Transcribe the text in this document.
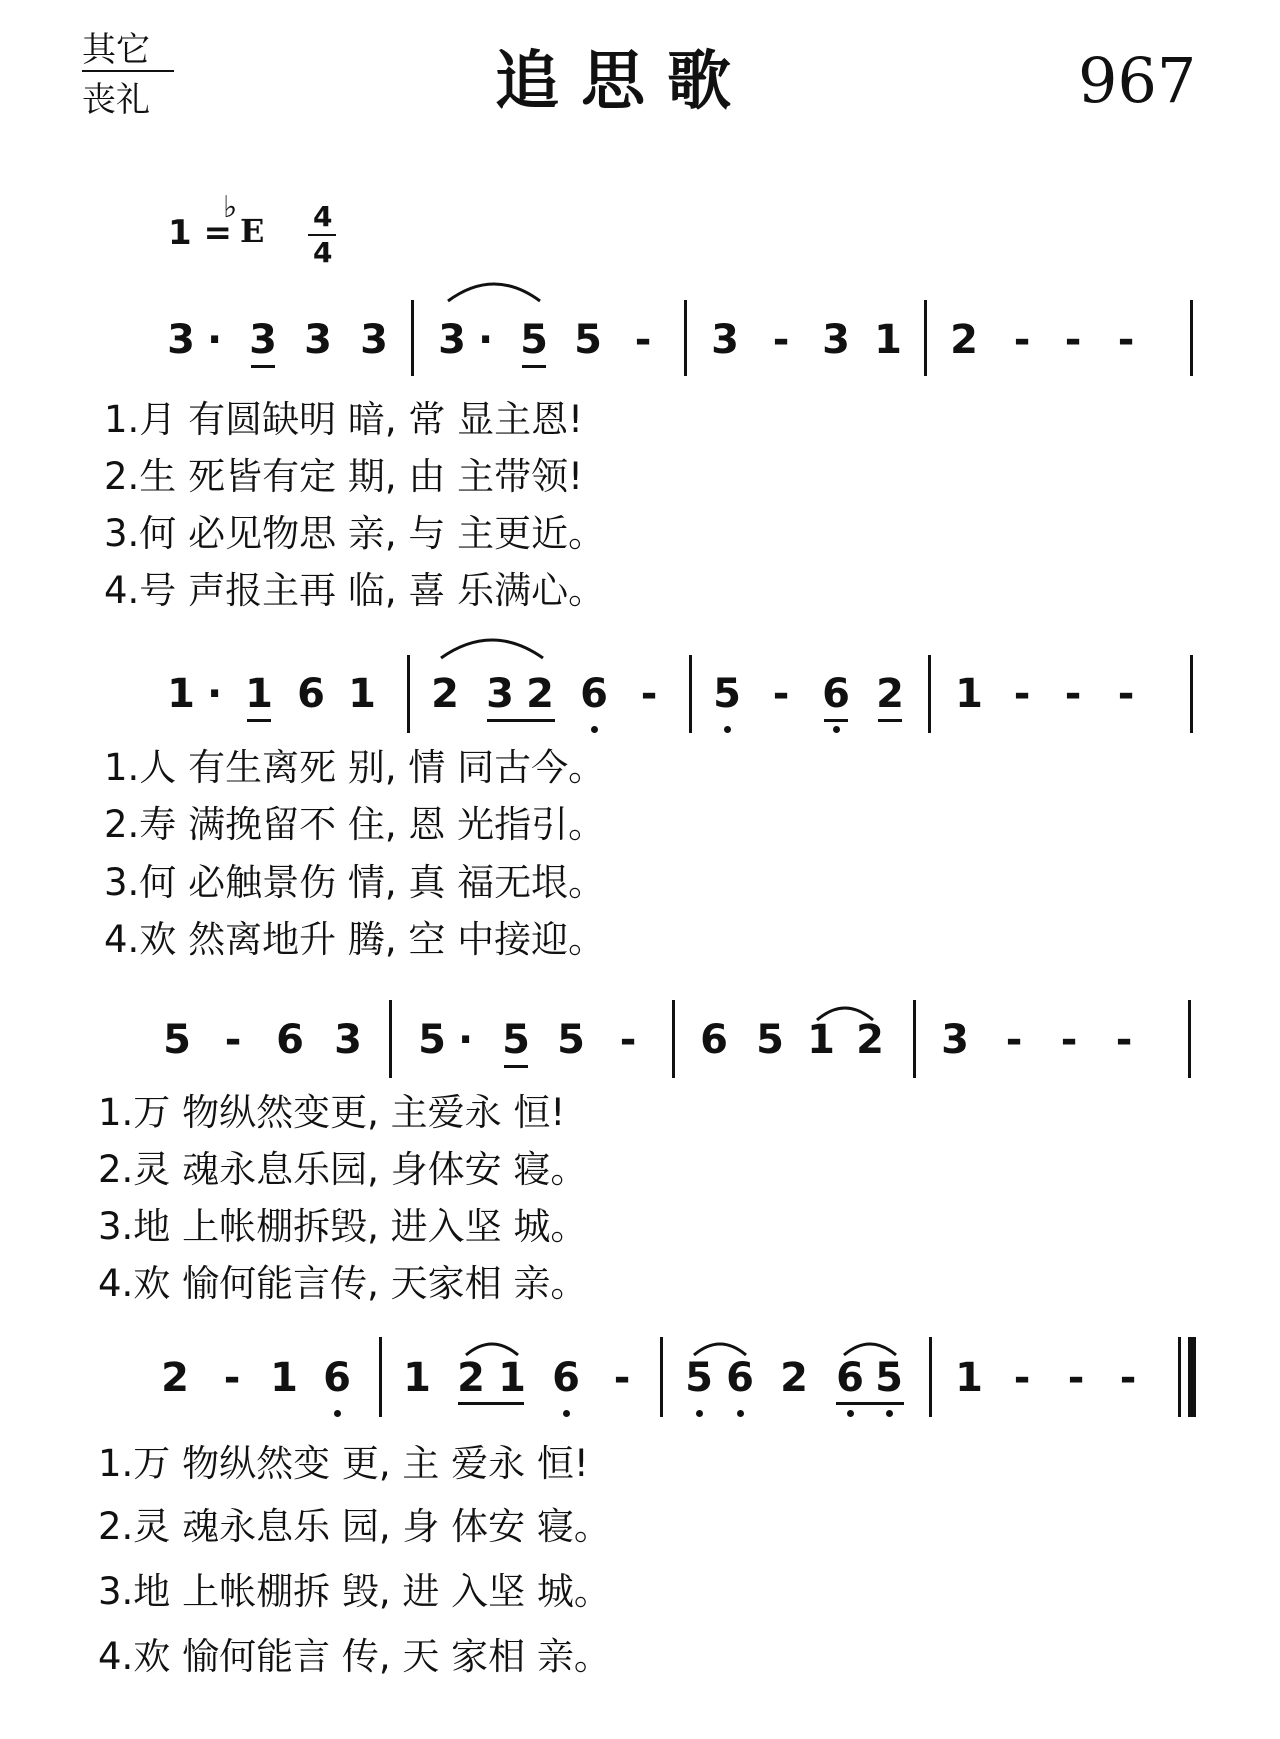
其它
丧礼	追思歌	967
1 =
♭
E 4
4
3 · 3 3 3 3 · 5 5 - 3 - 3 1 2 - - -
1.月 有圆缺明 暗, 常 显主恩!
2.生 死皆有定 期, 由 主带领!
3.何 必见物思 亲, 与 主更近。
4.号 声报主再 临, 喜 乐满心。
1 · 1 6 1 2 3 2 6 - 5 - 6 2 1 - - -
1.人 有生离死 别, 情 同古今。
2.寿 满挽留不 住, 恩 光指引。
3.何 必触景伤 情, 真 福无垠。
4.欢 然离地升 腾, 空 中接迎。
5 - 6 3 5 · 5 5 - 6 5 1 2 3 - - -
1.万 物纵然变更, 主爱永 恒!
2.灵 魂永息乐园, 身体安 寝。
3.地 上帐棚拆毁, 进入坚 城。
4.欢 愉何能言传, 天家相 亲。
2 - 1 6 1 2 1 6 - 5 6 2 6 5 1 - - -
1.万 物纵然变 更, 主 爱永 恒!
2.灵 魂永息乐 园, 身 体安 寝。
3.地 上帐棚拆 毁, 进 入坚 城。
4.欢 愉何能言 传, 天 家相 亲。
